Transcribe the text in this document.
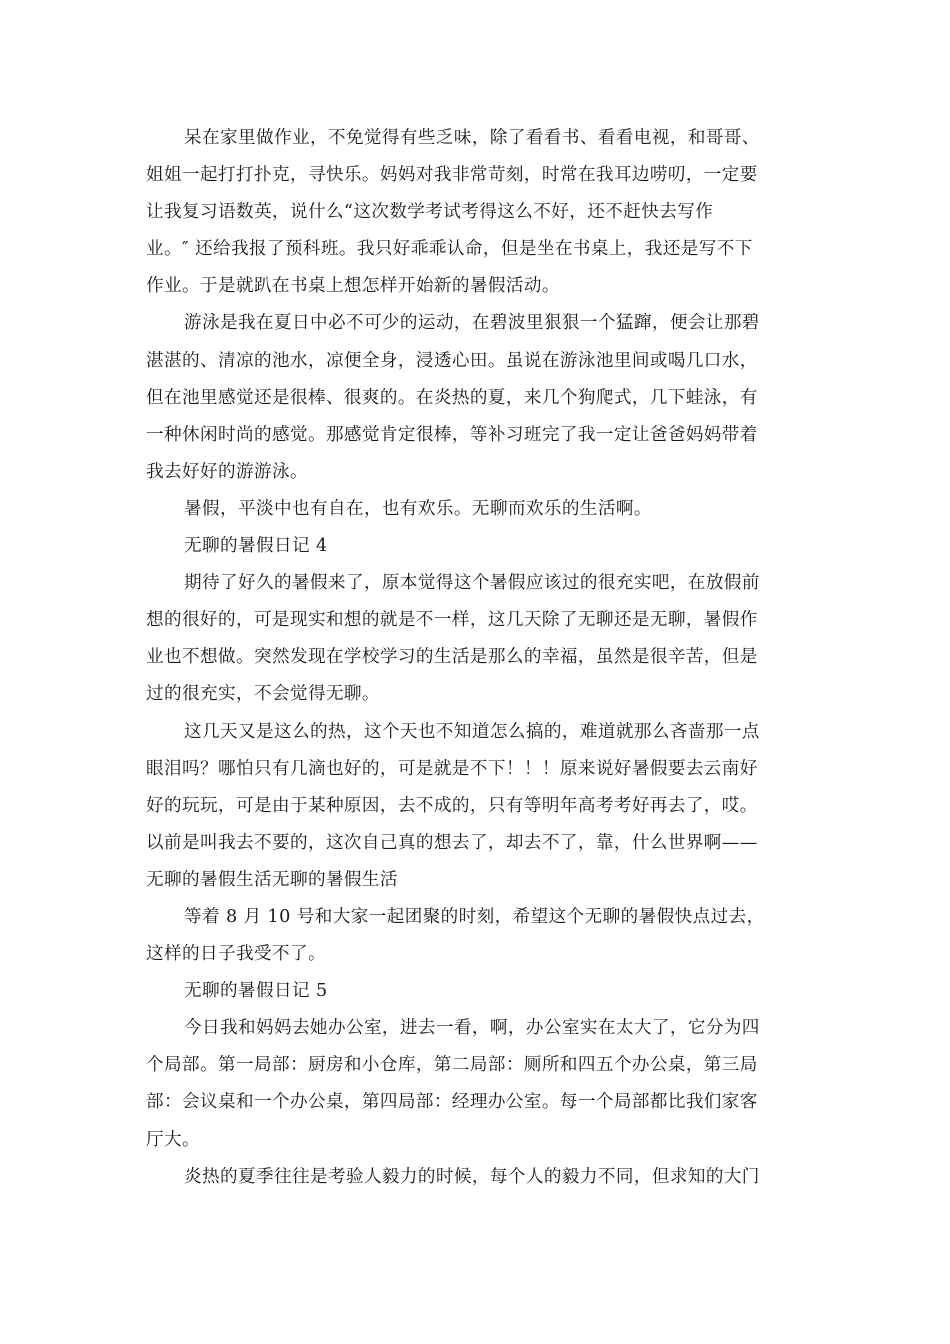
呆在家里做作业，不免觉得有些乏味，除了看看书、看看电视，和哥哥、
姐姐一起打打扑克，寻快乐。妈妈对我非常苛刻，时常在我耳边唠叨，一定要
让我复习语数英，说什么“这次数学考试考得这么不好，还不赶快去写作
业。″ 还给我报了预科班。我只好乖乖认命，但是坐在书桌上，我还是写不下
作业。于是就趴在书桌上想怎样开始新的暑假活动。
游泳是我在夏日中必不可少的运动，在碧波里狠狠一个猛蹿，便会让那碧
湛湛的、清凉的池水，凉便全身，浸透心田。虽说在游泳池里间或喝几口水，
但在池里感觉还是很棒、很爽的。在炎热的夏，来几个狗爬式，几下蛙泳，有
一种休闲时尚的感觉。那感觉肯定很棒，等补习班完了我一定让爸爸妈妈带着
我去好好的游游泳。
暑假，平淡中也有自在，也有欢乐。无聊而欢乐的生活啊。
无聊的暑假日记 4
期待了好久的暑假来了，原本觉得这个暑假应该过的很充实吧，在放假前
想的很好的，可是现实和想的就是不一样，这几天除了无聊还是无聊，暑假作
业也不想做。突然发现在学校学习的生活是那么的幸福，虽然是很辛苦，但是
过的很充实，不会觉得无聊。
这几天又是这么的热，这个天也不知道怎么搞的，难道就那么吝啬那一点
眼泪吗？哪怕只有几滴也好的，可是就是不下！！！原来说好暑假要去云南好
好的玩玩，可是由于某种原因，去不成的，只有等明年高考考好再去了，哎。
以前是叫我去不要的，这次自己真的想去了，却去不了，靠，什么世界啊——
无聊的暑假生活无聊的暑假生活
等着 8 月 10 号和大家一起团聚的时刻，希望这个无聊的暑假快点过去，
这样的日子我受不了。
无聊的暑假日记 5
今日我和妈妈去她办公室，进去一看，啊，办公室实在太大了，它分为四
个局部。第一局部：厨房和小仓库，第二局部：厕所和四五个办公桌，第三局
部：会议桌和一个办公桌，第四局部：经理办公室。每一个局部都比我们家客
厅大。
炎热的夏季往往是考验人毅力的时候，每个人的毅力不同，但求知的大门
